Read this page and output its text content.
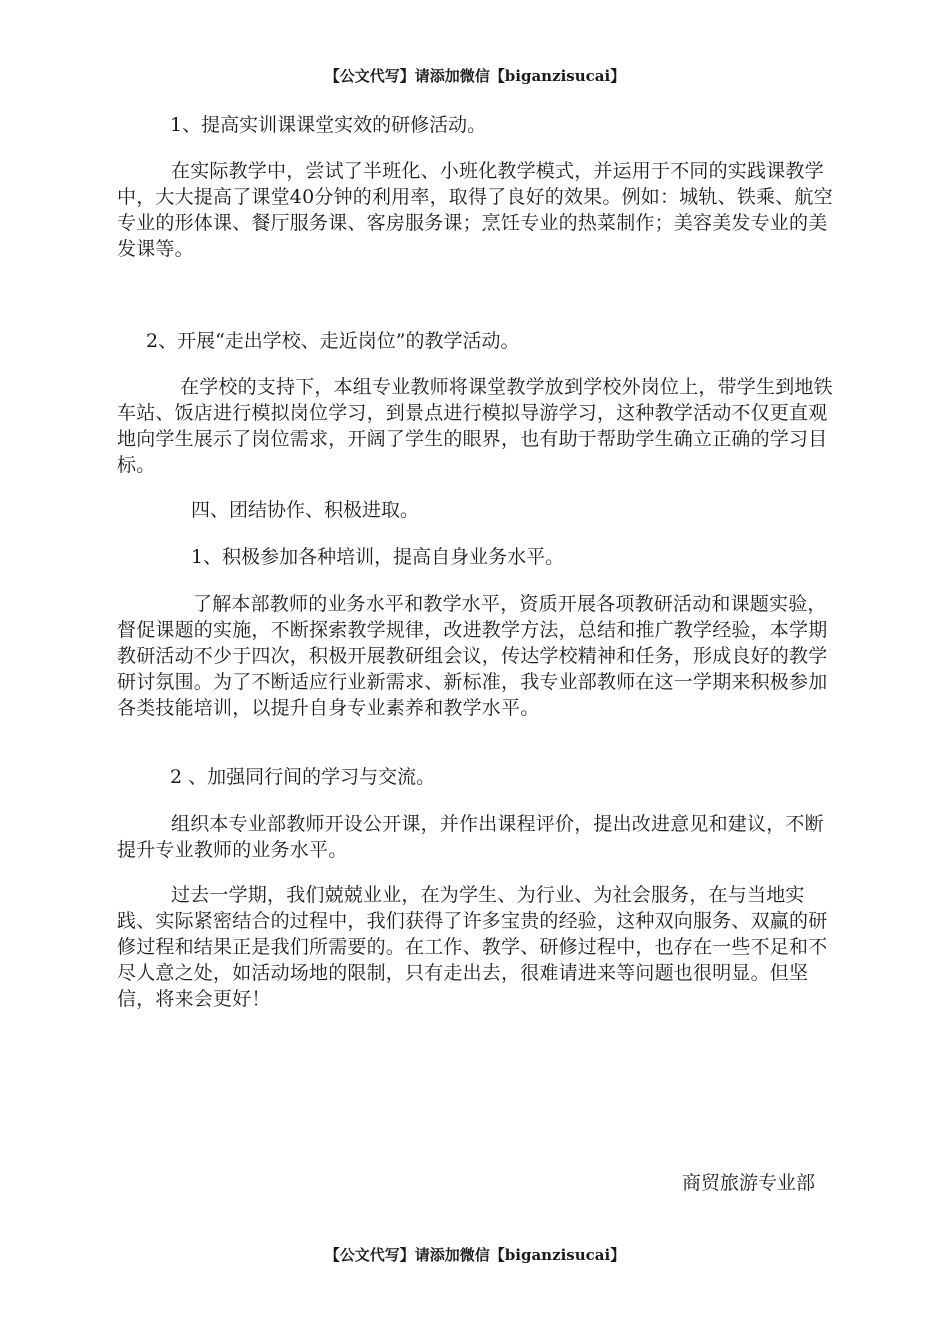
【公文代写】请添加微信【biganzisucai】
1、提高实训课课堂实效的研修活动。

在实际教学中，尝试了半班化、小班化教学模式，并运用于不同的实践课教学中，大大提高了课堂40分钟的利用率，取得了良好的效果。例如：城轨、铁乘、航空专业的形体课、餐厅服务课、客房服务课；烹饪专业的热菜制作；美容美发专业的美发课等。

2、开展“走出学校、走近岗位”的教学活动。

在学校的支持下，本组专业教师将课堂教学放到学校外岗位上，带学生到地铁车站、饭店进行模拟岗位学习，到景点进行模拟导游学习，这种教学活动不仅更直观地向学生展示了岗位需求，开阔了学生的眼界，也有助于帮助学生确立正确的学习目标。

四、团结协作、积极进取。
1、积极参加各种培训，提高自身业务水平。

了解本部教师的业务水平和教学水平，资质开展各项教研活动和课题实验，督促课题的实施，不断探索教学规律，改进教学方法，总结和推广教学经验，本学期教研活动不少于四次，积极开展教研组会议，传达学校精神和任务，形成良好的教学研讨氛围。为了不断适应行业新需求、新标准，我专业部教师在这一学期来积极参加各类技能培训，以提升自身专业素养和教学水平。

2 、加强同行间的学习与交流。

组织本专业部教师开设公开课，并作出课程评价，提出改进意见和建议，不断提升专业教师的业务水平。

过去一学期，我们兢兢业业，在为学生、为行业、为社会服务，在与当地实践、实际紧密结合的过程中，我们获得了许多宝贵的经验，这种双向服务、双赢的研修过程和结果正是我们所需要的。在工作、教学、研修过程中，也存在一些不足和不尽人意之处，如活动场地的限制，只有走出去，很难请进来等问题也很明显。但坚信，将来会更好！

商贸旅游专业部
【公文代写】请添加微信【biganzisucai】
